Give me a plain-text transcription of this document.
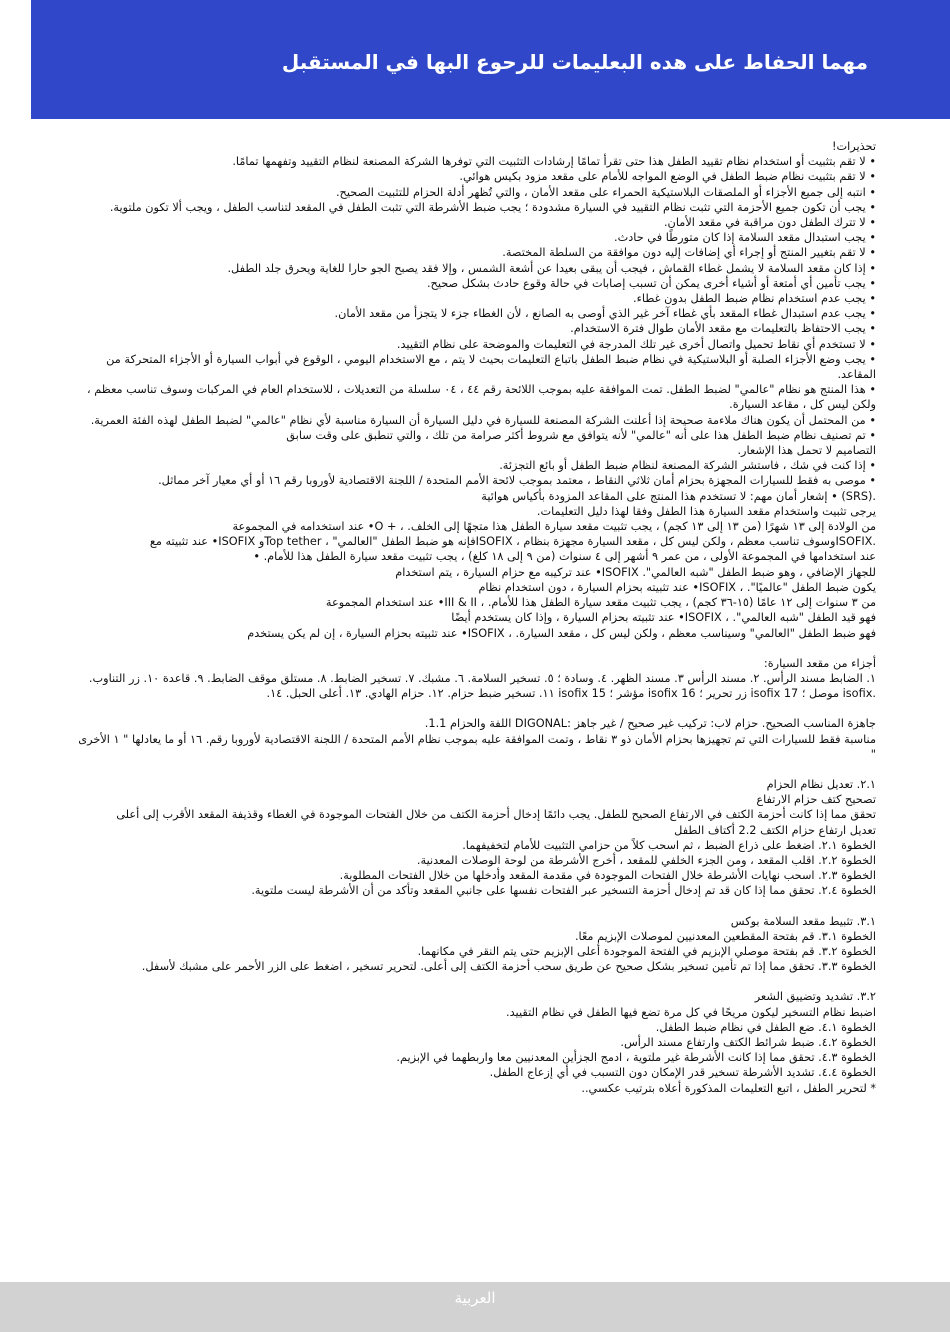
مهما الحفاط على هده البعليمات للرحوع البها في المستقبل

تحذيرات!

• لا تقم بتثبيت أو استخدام نظام تقييد الطفل هذا حتى تقرأ تمامًا إرشادات التثبيت التي توفرها الشركة المصنعة لنظام التقييد وتفهمها تمامًا.

• لا تقم بتثبيت نظام ضبط الطفل في الوضع المواجه للأمام على مقعد مزود بكيس هوائي.

• انتبه إلى جميع الأجزاء أو الملصقات البلاستيكية الحمراء على مقعد الأمان ، والتي تُظهر أدلة الحزام للتثبيت الصحيح.

• يجب أن تكون جميع الأحزمة التي تثبت نظام التقييد في السيارة مشدودة ؛ يجب ضبط الأشرطة التي تثبت الطفل في المقعد لتناسب الطفل ، ويجب ألا تكون ملتوية.

• لا تترك الطفل دون مراقبة في مقعد الأمان.

• يجب استبدال مقعد السلامة إذا كان متورطًا في حادث.

• لا تقم بتغيير المنتج أو إجراء أي إضافات إليه دون موافقة من السلطة المختصة.

• إذا كان مقعد السلامة لا يشمل غطاء القماش ، فيجب أن يبقى بعيدا عن أشعة الشمس ، وإلا فقد يصبح الجو حارا للغاية ويحرق جلد الطفل.

• يجب تأمين أي أمتعة أو أشياء أخرى يمكن أن تسبب إصابات في حالة وقوع حادث بشكل صحيح.

• يجب عدم استخدام نظام ضبط الطفل بدون غطاء.

• يجب عدم استبدال غطاء المقعد بأي غطاء آخر غير الذي أوصى به الصانع ، لأن الغطاء جزء لا يتجزأ من مقعد الأمان.

• يجب الاحتفاظ بالتعليمات مع مقعد الأمان طوال فترة الاستخدام.

• لا تستخدم أي نقاط تحميل واتصال أخرى غير تلك المدرجة في التعليمات والموضحة على نظام التقييد.

• يجب وضع الأجزاء الصلبة أو البلاستيكية في نظام ضبط الطفل باتباع التعليمات بحيث لا يتم ، مع الاستخدام اليومي ، الوقوع في أبواب السيارة أو الأجزاء المتحركة من المقاعد.

• هذا المنتج هو نظام "عالمي" لضبط الطفل. تمت الموافقة عليه بموجب اللائحة رقم ٤٤ ، ٠٤ سلسلة من التعديلات ، للاستخدام العام في المركبات وسوف تناسب معظم ، ولكن ليس كل ، مقاعد السيارة.

• من المحتمل أن يكون هناك ملاءمة صحيحة إذا أعلنت الشركة المصنعة للسيارة في دليل السيارة أن السيارة مناسبة لأي نظام "عالمي" لضبط الطفل لهذه الفئة العمرية.

• تم تصنيف نظام ضبط الطفل هذا على أنه "عالمي" لأنه يتوافق مع شروط أكثر صرامة من تلك ، والتي تنطبق على وقت سابق

التصاميم لا تحمل هذا الإشعار.

• إذا كنت في شك ، فاستشر الشركة المصنعة لنظام ضبط الطفل أو بائع التجزئة.

• موصى به فقط للسيارات المجهزة بحزام أمان ثلاثي النقاط ، معتمد بموجب لائحة الأمم المتحدة / اللجنة الاقتصادية لأوروبا رقم ١٦ أو أي معيار آخر مماثل.

.(SRS) • إشعار أمان مهم: لا تستخدم هذا المنتج على المقاعد المزودة بأكياس هوائية

يرجى تثبيت واستخدام مقعد السيارة هذا الطفل وفقا لهذا دليل التعليمات.

من الولادة إلى ١٣ شهرًا (من ١٣ إلى ١٣ كجم) ، يجب تثبيت مقعد سيارة الطفل هذا متجهًا إلى الخلف. ، + O• عند استخدامه في المجموعة

.ISOFIXوسوف تناسب معظم ، ولكن ليس كل ، مقعد السيارة مجهزة بنظام ، ISOFIXفإنه هو ضبط الطفل "العالمي" ، Top tetherو ISOFIX• عند تثبيته مع

عند استخدامها في المجموعة الأولى ، من عمر ٩ أشهر إلى ٤ سنوات (من ٩ إلى ١٨ كلغ) ، يجب تثبيت مقعد سيارة الطفل هذا للأمام. •

للجهاز الإضافي ، وهو ضبط الطفل "شبه العالمي". ISOFIX• عند تركيبه مع حزام السيارة ، يتم استخدام

يكون ضبط الطفل "عالميًا". ، ISOFIX• عند تثبيته بحزام السيارة ، دون استخدام نظام

من ٣ سنوات إلى ١٢ عامًا (١٥-٣٦ كجم) ، يجب تثبيت مقعد سيارة الطفل هذا للأمام. ، III & II• عند استخدام المجموعة

فهو قيد الطفل "شبه العالمي". ، ISOFIX• عند تثبيته بحزام السيارة ، وإذا كان يستخدم أيضًا

فهو ضبط الطفل "العالمي" وسيناسب معظم ، ولكن ليس كل ، مقعد السيارة. ، ISOFIX• عند تثبيته بحزام السيارة ، إن لم يكن يستخدم

أجزاء من مقعد السيارة:

١. الضابط مسند الرأس. ٢. مسند الرأس ٣. مسند الظهر. ٤. وسادة ؛ ٥. تسخير السلامة. ٦. مشبك. ٧. تسخير الضابط. ٨. مستلق موقف الضابط. ٩. قاعدة ١٠. زر التناوب.

.isofix موصل ؛ isofix 17 زر تحرير ؛ isofix 16 مؤشر ؛ isofix 15 ١١. تسخير ضبط حزام. ١٢. حزام الهادي. ١٣. أعلى الحبل. ١٤.

جاهزة المناسب الصحيح. حزام لاب: تركيب غير صحيح / غير جاهز :DIGONAL اللفة والحزام 1.1.

مناسبة فقط للسيارات التي تم تجهيزها بحزام الأمان ذو ٣ نقاط ، وتمت الموافقة عليه بموجب نظام الأمم المتحدة / اللجنة الاقتصادية لأوروبا رقم. ١٦ أو ما يعادلها " ١ الأخرى "

٢.١. تعديل نظام الحزام

تصحيح كتف حزام الارتفاع

تحقق مما إذا كانت أحزمة الكتف في الارتفاع الصحيح للطفل. يجب دائمًا إدخال أحزمة الكتف من خلال الفتحات الموجودة في الغطاء وقذيفة المقعد الأقرب إلى أعلى

تعديل ارتفاع حزام الكتف 2.2 أكتاف الطفل

الخطوة ٢.١. اضغط على ذراع الضبط ، ثم اسحب كلاً من حزامي التثبيت للأمام لتخفيفهما.

الخطوة ٢.٢. اقلب المقعد ، ومن الجزء الخلفي للمقعد ، أخرج الأشرطة من لوحة الوصلات المعدنية.

الخطوة ٢.٣. اسحب نهايات الأشرطة خلال الفتحات الموجودة في مقدمة المقعد وأدخلها من خلال الفتحات المطلوبة.

الخطوة ٢.٤. تحقق مما إذا كان قد تم إدخال أحزمة التسخير عبر الفتحات نفسها على جانبي المقعد وتأكد من أن الأشرطة ليست ملتوية.

٣.١. تثبيط مقعد السلامة بوكس

الخطوة ٣.١. قم بفتحة المقطعين المعدنيين لموصلات الإبزيم معًا.

الخطوة ٣.٢. قم بفتحة موصلي الإبزيم في الفتحة الموجودة أعلى الإبزيم حتى يتم النقر في مكانهما.

الخطوة ٣.٣. تحقق مما إذا تم تأمين تسخير بشكل صحيح عن طريق سحب أحزمة الكتف إلى أعلى. لتحرير تسخير ، اضغط على الزر الأحمر على مشبك لأسفل.

٣.٢. تشديد وتضييق الشعر

اضبط نظام التسخير ليكون مريحًا في كل مرة تضع فيها الطفل في نظام التقييد.

الخطوة ٤.١. ضع الطفل في نظام ضبط الطفل.

الخطوة ٤.٢. ضبط شرائط الكتف وارتفاع مسند الرأس.

الخطوة ٤.٣. تحقق مما إذا كانت الأشرطة غير ملتوية ، ادمج الجزأين المعدنيين معا واربطهما في الإبزيم.

الخطوة ٤.٤. تشديد الأشرطة تسخير قدر الإمكان دون التسبب في أي إزعاج الطفل.

* لتحرير الطفل ، اتبع التعليمات المذكورة أعلاه بترتيب عكسي..

العربية
